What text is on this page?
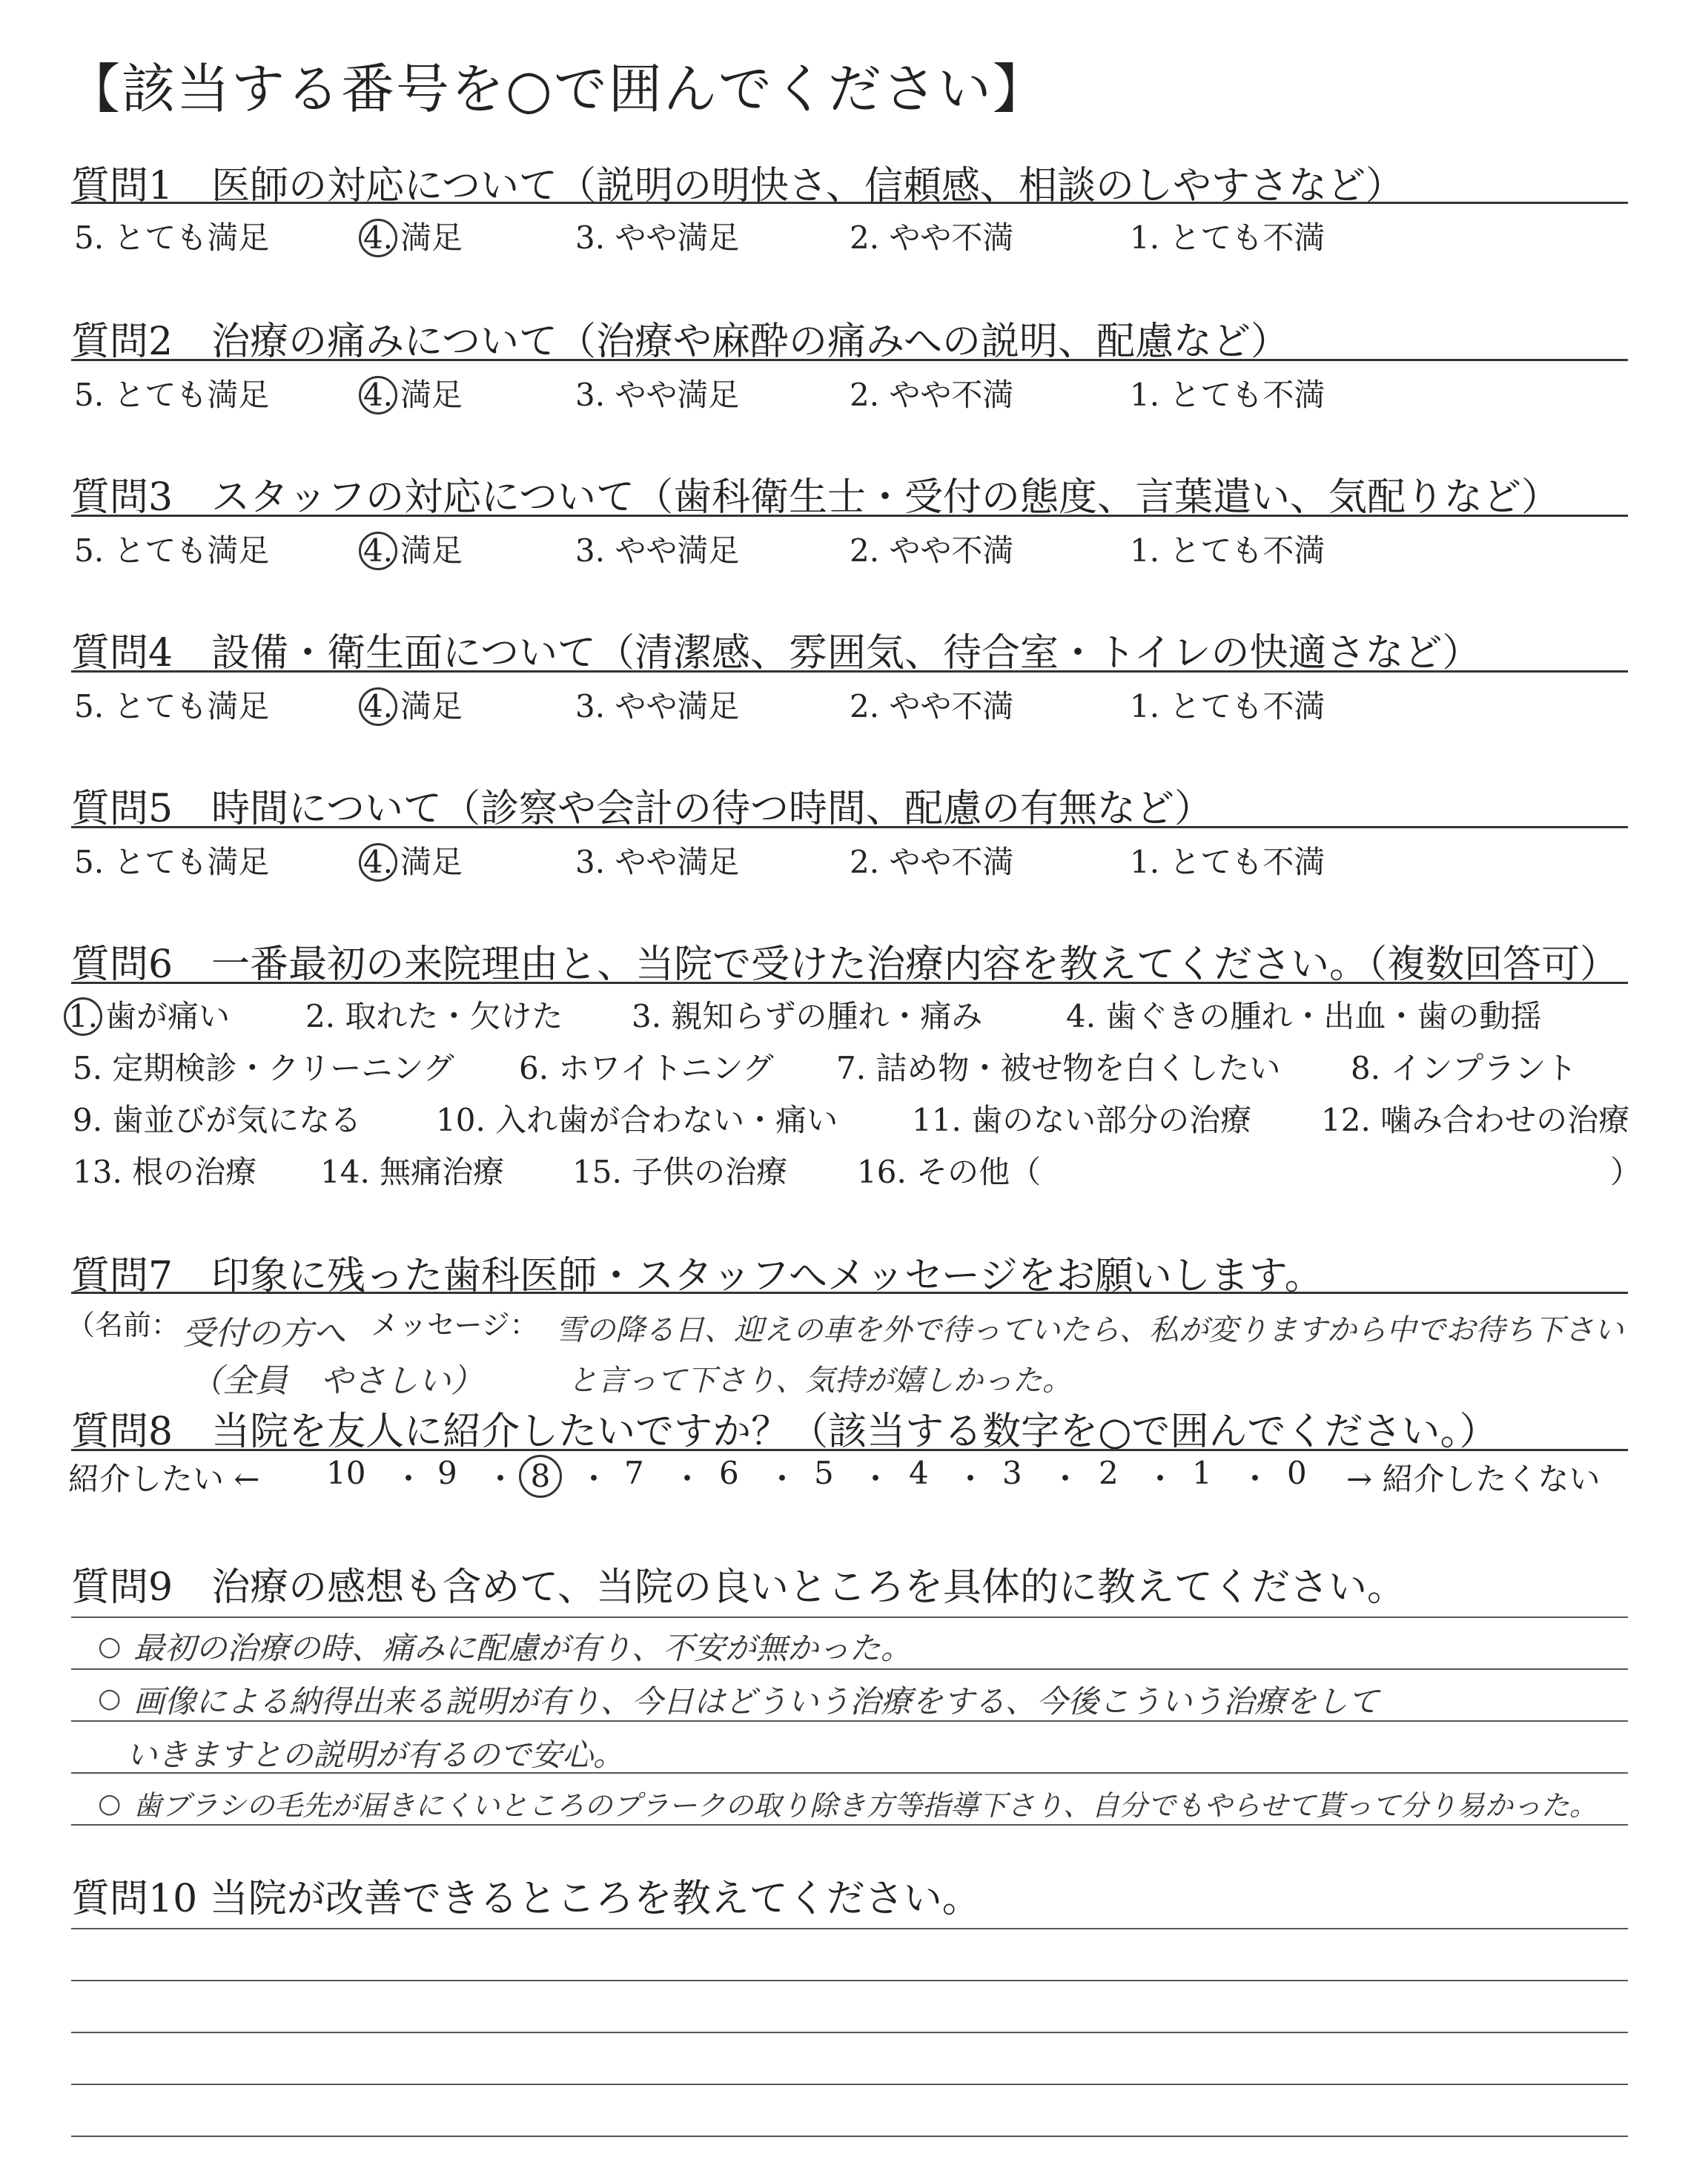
【該当する番号を○で囲んでください】
質問1　医師の対応について（説明の明快さ、信頼感、相談のしやすさなど）
5. とても満足	4. 満足	3. やや満足	2. やや不満	1. とても不満
質問2　治療の痛みについて（治療や麻酔の痛みへの説明、配慮など）
5. とても満足	4. 満足	3. やや満足	2. やや不満	1. とても不満
質問3　スタッフの対応について（歯科衛生士・受付の態度、言葉遣い、気配りなど）
5. とても満足	4. 満足	3. やや満足	2. やや不満	1. とても不満
質問4　設備・衛生面について（清潔感、雰囲気、待合室・トイレの快適さなど）
5. とても満足	4. 満足	3. やや満足	2. やや不満	1. とても不満
質問5　時間について（診察や会計の待つ時間、配慮の有無など）
5. とても満足	4. 満足	3. やや満足	2. やや不満	1. とても不満
質問6　一番最初の来院理由と、当院で受けた治療内容を教えてください。（複数回答可）
1. 歯が痛い 2. 取れた・欠けた 3. 親知らずの腫れ・痛み	4. 歯ぐきの腫れ・出血・歯の動揺
5. 定期検診・クリーニング 6. ホワイトニング 7. 詰め物・被せ物を白くしたい 8. インプラント
9. 歯並びが気になる 10. 入れ歯が合わない・痛い 11. 歯のない部分の治療 12. 噛み合わせの治療
13. 根の治療 14. 無痛治療 15. 子供の治療 16. その他（	）
質問7　印象に残った歯科医師・スタッフへメッセージをお願いします。
（名前： 受付の方へ
（全員　やさしい）
メッセージ： 雪の降る日、迎えの車を外で待っていたら、私が変りますから中でお待ち下さい
と言って下さり、気持が嬉しかった。
質問8　当院を友人に紹介したいですか？（該当する数字を○で囲んでください。）
紹介したい ← 10 ・ 9 ・ 8 ・ 7 ・ 6 ・ 5 ・ 4 ・ 3 ・ 2 ・ 1 ・ 0 → 紹介したくない
質問9　治療の感想も含めて、当院の良いところを具体的に教えてください。
○ 最初の治療の時、痛みに配慮が有り、不安が無かった。
○ 画像による納得出来る説明が有り、今日はどういう治療をする、今後こういう治療をして
いきますとの説明が有るので安心。
○ 歯ブラシの毛先が届きにくいところのプラークの取り除き方等指導下さり、自分でもやらせて貰って分り易かった。
質問10 当院が改善できるところを教えてください。
